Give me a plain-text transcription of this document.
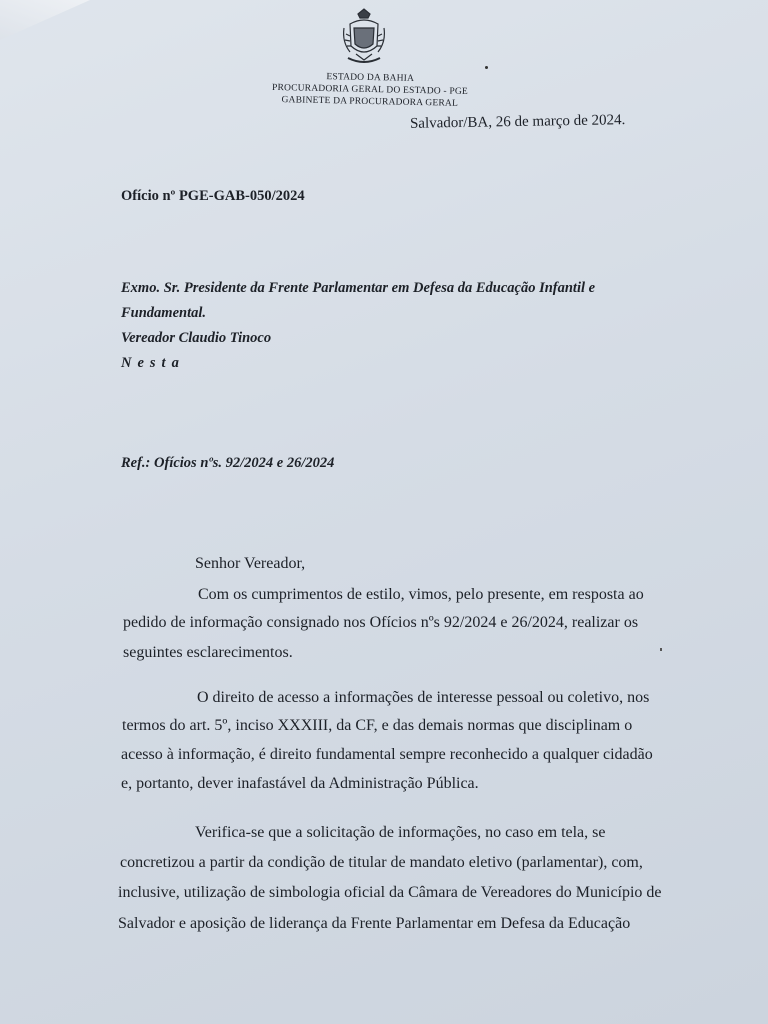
ESTADO DA BAHIA
PROCURADORIA GERAL DO ESTADO - PGE
GABINETE DA PROCURADORA GERAL
Salvador/BA, 26 de março de 2024.
Ofício nº PGE-GAB-050/2024
Exmo. Sr. Presidente da Frente Parlamentar em Defesa da Educação Infantil e
Fundamental.
Vereador Claudio Tinoco
Nesta
Ref.: Ofícios nºs. 92/2024 e 26/2024
Senhor Vereador,
Com os cumprimentos de estilo, vimos, pelo presente, em resposta ao
pedido de informação consignado nos Ofícios nºs 92/2024 e 26/2024, realizar os
seguintes esclarecimentos.
O direito de acesso a informações de interesse pessoal ou coletivo, nos
termos do art. 5º, inciso XXXIII, da CF, e das demais normas que disciplinam o
acesso à informação, é direito fundamental sempre reconhecido a qualquer cidadão
e, portanto, dever inafastável da Administração Pública.
Verifica-se que a solicitação de informações, no caso em tela, se
concretizou a partir da condição de titular de mandato eletivo (parlamentar), com,
inclusive, utilização de simbologia oficial da Câmara de Vereadores do Município de
Salvador e aposição de liderança da Frente Parlamentar em Defesa da Educação
